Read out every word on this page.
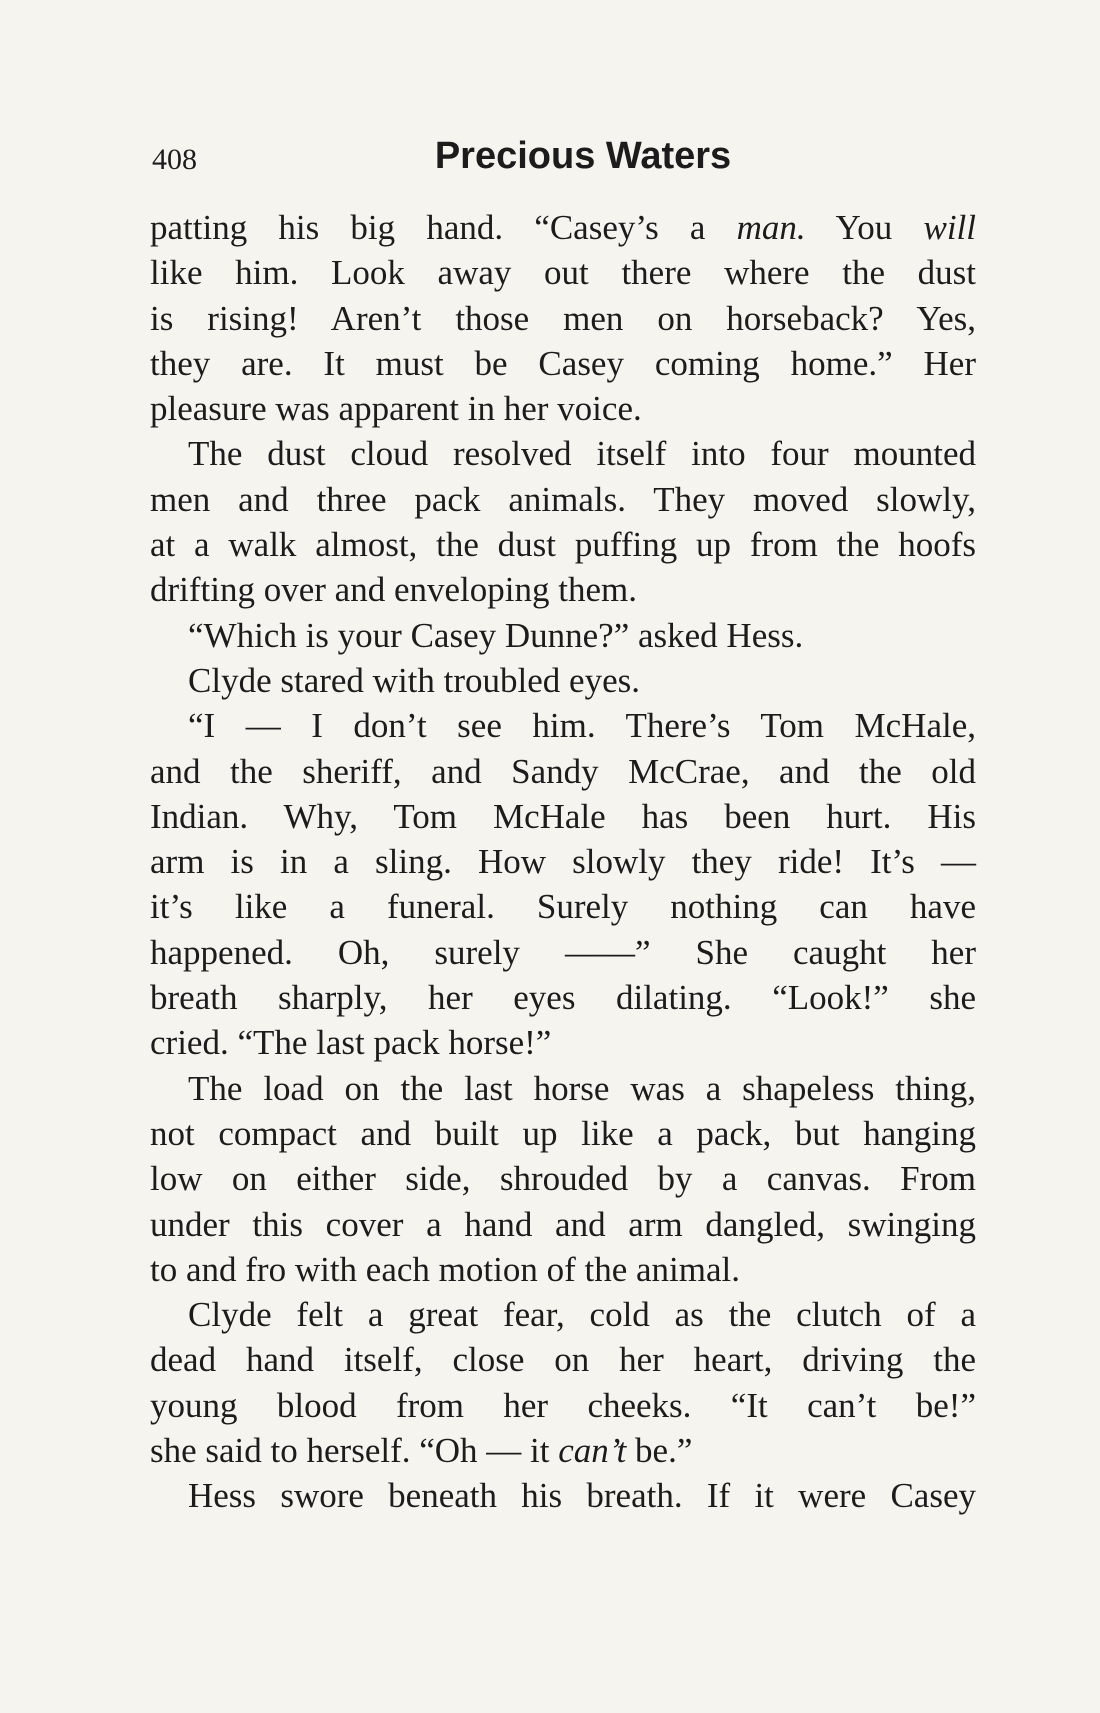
408	Precious Waters
patting his big hand. “Casey’s a man. You will
like him. Look away out there where the dust
is rising! Aren’t those men on horseback? Yes,
they are. It must be Casey coming home.” Her
pleasure was apparent in her voice.
The dust cloud resolved itself into four mounted
men and three pack animals. They moved slowly,
at a walk almost, the dust puffing up from the hoofs
drifting over and enveloping them.
“Which is your Casey Dunne?” asked Hess.
Clyde stared with troubled eyes.
“I — I don’t see him. There’s Tom McHale,
and the sheriff, and Sandy McCrae, and the old
Indian. Why, Tom McHale has been hurt. His
arm is in a sling. How slowly they ride! It’s —
it’s like a funeral. Surely nothing can have
happened. Oh, surely ——” She caught her
breath sharply, her eyes dilating. “Look!” she
cried. “The last pack horse!”
The load on the last horse was a shapeless thing,
not compact and built up like a pack, but hanging
low on either side, shrouded by a canvas. From
under this cover a hand and arm dangled, swinging
to and fro with each motion of the animal.
Clyde felt a great fear, cold as the clutch of a
dead hand itself, close on her heart, driving the
young blood from her cheeks. “It can’t be!”
she said to herself. “Oh — it can’t be.”
Hess swore beneath his breath. If it were Casey
